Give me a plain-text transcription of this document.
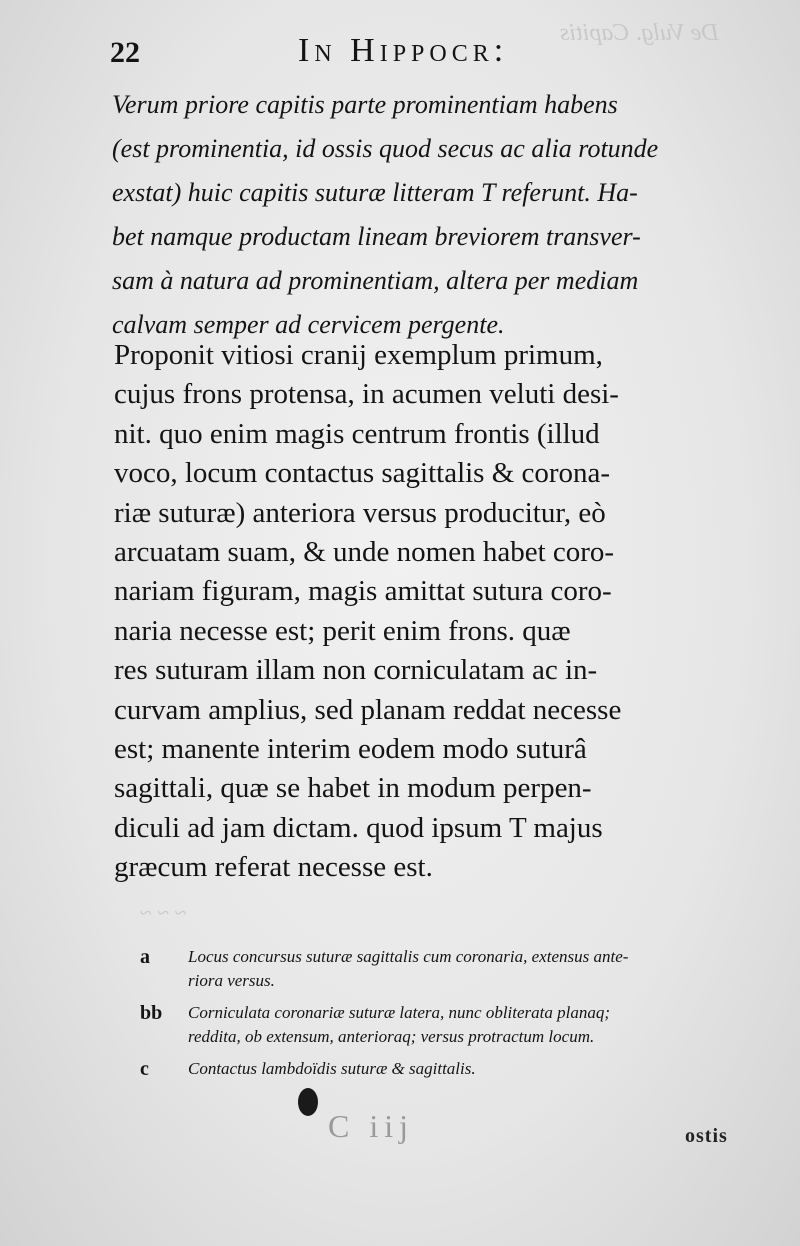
De Vulg. Capitis
~ ~ ~
22	In Hippocr:
Verum priore capitis parte prominentiam habens
(est prominentia, id ossis quod secus ac alia rotunde
exstat) huic capitis suturæ litteram T referunt. Ha-
bet namque productam lineam breviorem transver-
sam à natura ad prominentiam, altera per mediam
calvam semper ad cervicem pergente.
Proponit vitiosi cranij exemplum primum,
cujus frons protensa, in acumen veluti desi-
nit. quo enim magis centrum frontis (illud
voco, locum contactus sagittalis & corona-
riæ suturæ) anteriora versus producitur, eò
arcuatam suam, & unde nomen habet coro-
nariam figuram, magis amittat sutura coro-
naria necesse est; perit enim frons. quæ
res suturam illam non corniculatam ac in-
curvam amplius, sed planam reddat necesse
est; manente interim eodem modo suturâ
sagittali, quæ se habet in modum perpen-
diculi ad jam dictam. quod ipsum T majus
græcum referat necesse est.
a Locus concursus suturæ sagittalis cum coronaria, extensus ante-
riora versus.
bb Corniculata coronariæ suturæ latera, nunc obliterata planaq;
reddita, ob extensum, anterioraq; versus protractum locum.
c Contactus lambdoïdis suturæ & sagittalis.
C iij	ostis
